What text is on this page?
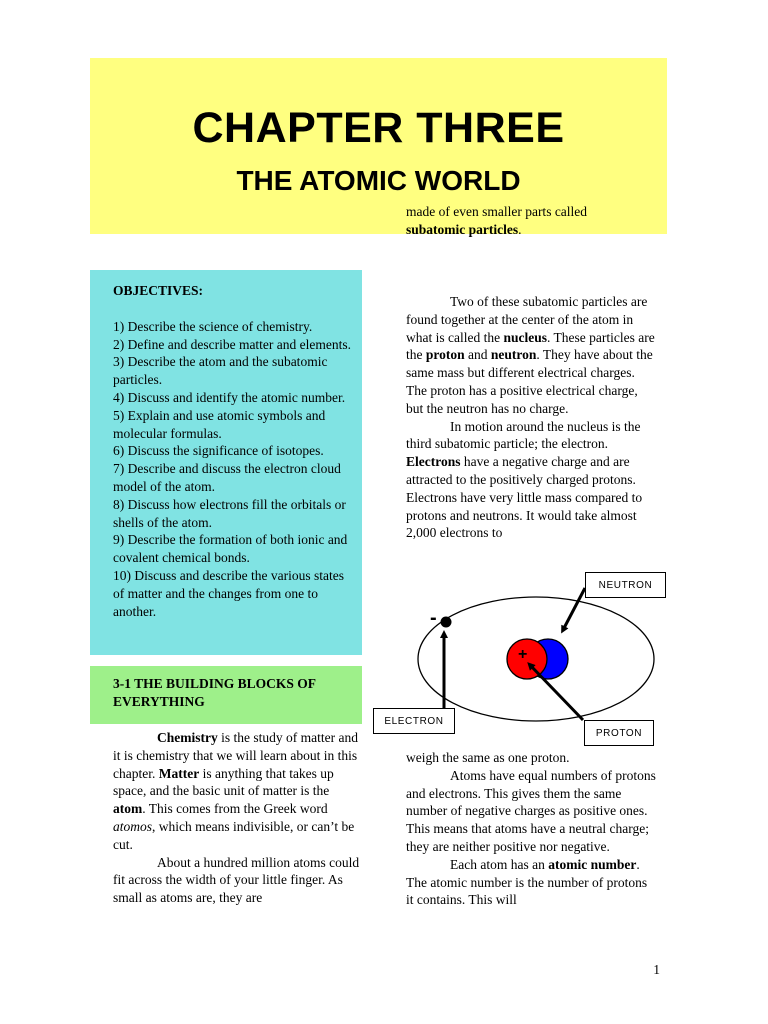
CHAPTER THREE
THE ATOMIC WORLD
made of even smaller parts called
subatomic particles.
OBJECTIVES:
1) Describe the science of chemistry.
2) Define and describe matter and elements.
3) Describe the atom and the subatomic particles.
4) Discuss and identify the atomic number.
5) Explain and use atomic symbols and molecular formulas.
6) Discuss the significance of isotopes.
7) Describe and discuss the electron cloud model of the atom.
8) Discuss how electrons fill the orbitals or shells of the atom.
9) Describe the formation of both ionic and covalent chemical bonds.
10) Discuss and describe the various states of matter and the changes from one to another.
3-1 THE BUILDING BLOCKS OF EVERYTHING

Chemistry is the study of matter and it is chemistry that we will learn about in this chapter. Matter is anything that takes up space, and the basic unit of matter is the atom. This comes from the Greek word atomos, which means indivisible, or can’t be cut.

About a hundred million atoms could fit across the width of your little finger. As small as atoms are, they are

Two of these subatomic particles are found together at the center of the atom in what is called the nucleus. These particles are the proton and neutron. They have about the same mass but different electrical charges. The proton has a positive electrical charge, but the neutron has no charge.

In motion around the nucleus is the third subatomic particle; the electron. Electrons have a negative charge and are attracted to the positively charged protons. Electrons have very little mass compared to protons and neutrons. It would take almost 2,000 electrons to

+
-
NEUTRON
ELECTRON
PROTON

weigh the same as one proton.

Atoms have equal numbers of protons and electrons. This gives them the same number of negative charges as positive ones. This means that atoms have a neutral charge; they are neither positive nor negative.

Each atom has an atomic number. The atomic number is the number of protons it contains. This will

1
